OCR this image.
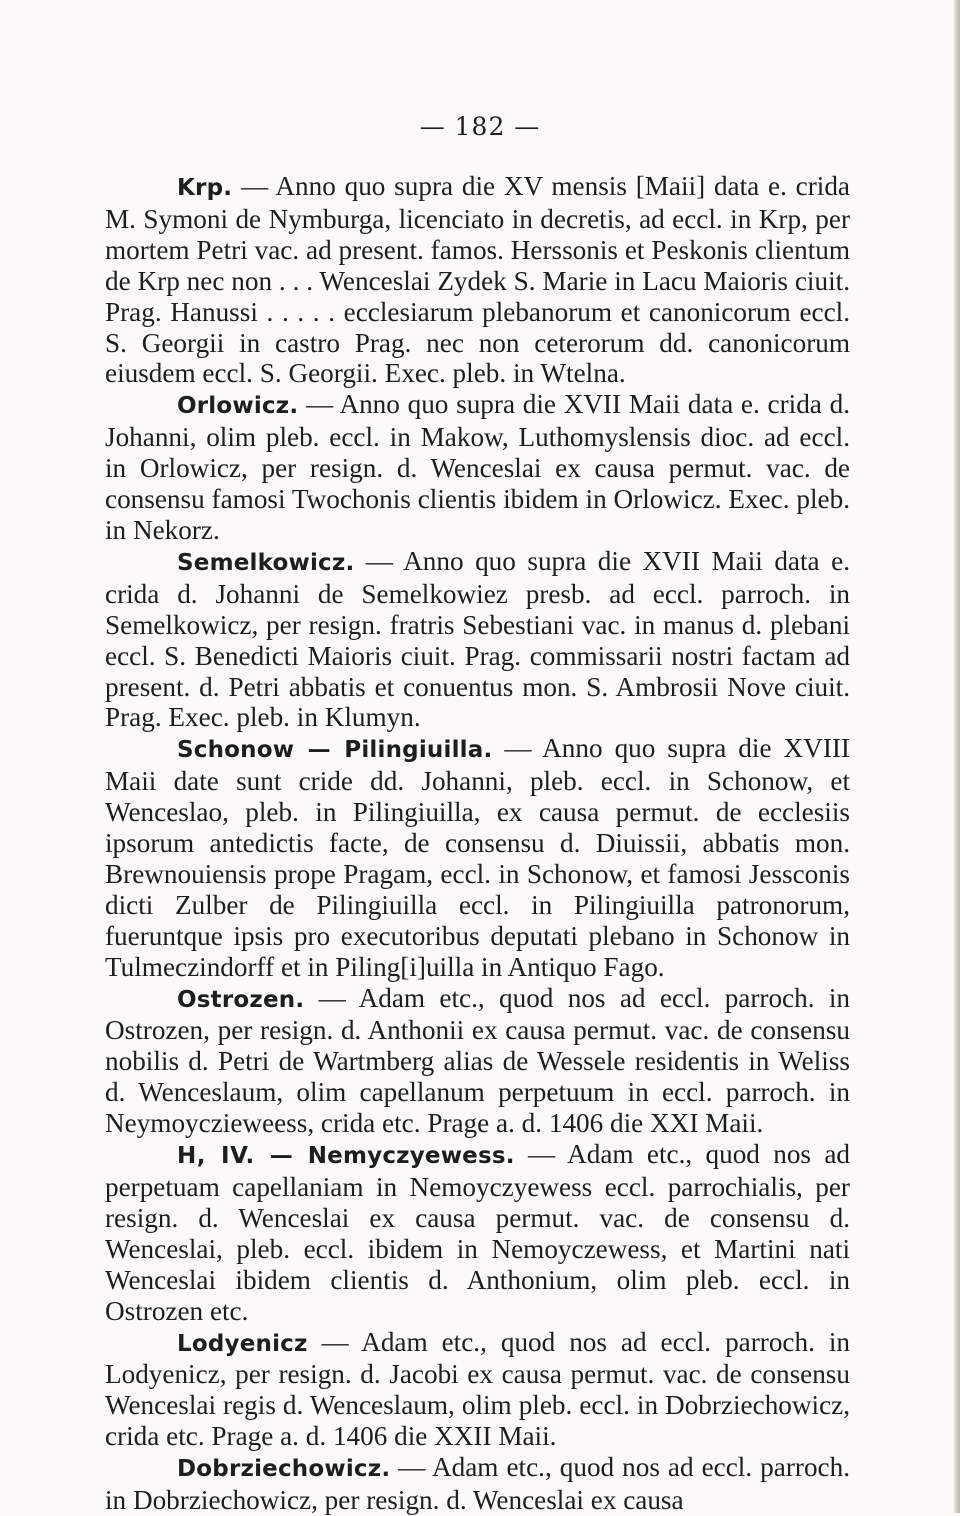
— 182 —

Krp. — Anno quo supra die XV mensis [Maii] data e. crida M. Symoni de Nymburga, licenciato in decretis, ad eccl. in Krp, per mortem Petri vac. ad present. famos. Herssonis et Peskonis clientum de Krp nec non . . . Wenceslai Zydek S. Marie in Lacu Maioris ciuit. Prag. Hanussi . . . . . ecclesiarum plebanorum et canonicorum eccl. S. Georgii in castro Prag. nec non ceterorum dd. canonicorum eiusdem eccl. S. Georgii. Exec. pleb. in Wtelna.

Orlowicz. — Anno quo supra die XVII Maii data e. crida d. Johanni, olim pleb. eccl. in Makow, Luthomyslensis dioc. ad eccl. in Orlowicz, per resign. d. Wenceslai ex causa permut. vac. de consensu famosi Twochonis clientis ibidem in Orlowicz. Exec. pleb. in Nekorz.

Semelkowicz. — Anno quo supra die XVII Maii data e. crida d. Johanni de Semelkowiez presb. ad eccl. parroch. in Semelkowicz, per resign. fratris Sebestiani vac. in manus d. plebani eccl. S. Benedicti Maioris ciuit. Prag. commissarii nostri factam ad present. d. Petri abbatis et conuentus mon. S. Ambrosii Nove ciuit. Prag. Exec. pleb. in Klumyn.

Schonow — Pilingiuilla. — Anno quo supra die XVIII Maii date sunt cride dd. Johanni, pleb. eccl. in Schonow, et Wenceslao, pleb. in Pilingiuilla, ex causa permut. de ecclesiis ipsorum antedictis facte, de consensu d. Diuissii, abbatis mon. Brewnouiensis prope Pragam, eccl. in Schonow, et famosi Jessconis dicti Zulber de Pilingiuilla eccl. in Pilingiuilla patronorum, fueruntque ipsis pro executoribus deputati plebano in Schonow in Tulmeczindorff et in Piling[i]uilla in Antiquo Fago.

Ostrozen. — Adam etc., quod nos ad eccl. parroch. in Ostrozen, per resign. d. Anthonii ex causa permut. vac. de consensu nobilis d. Petri de Wartmberg alias de Wessele residentis in Weliss d. Wenceslaum, olim capellanum perpetuum in eccl. parroch. in Neymoyczieweess, crida etc. Prage a. d. 1406 die XXI Maii.

H, IV. — Nemyczyewess. — Adam etc., quod nos ad perpetuam capellaniam in Nemoyczyewess eccl. parrochialis, per resign. d. Wenceslai ex causa permut. vac. de consensu d. Wenceslai, pleb. eccl. ibidem in Nemoyczewess, et Martini nati Wenceslai ibidem clientis d. Anthonium, olim pleb. eccl. in Ostrozen etc.

Lodyenicz — Adam etc., quod nos ad eccl. parroch. in Lodyenicz, per resign. d. Jacobi ex causa permut. vac. de consensu Wenceslai regis d. Wenceslaum, olim pleb. eccl. in Dobrziechowicz, crida etc. Prage a. d. 1406 die XXII Maii.

Dobrziechowicz. — Adam etc., quod nos ad eccl. parroch. in Dobrziechowicz, per resign. d. Wenceslai ex causa
